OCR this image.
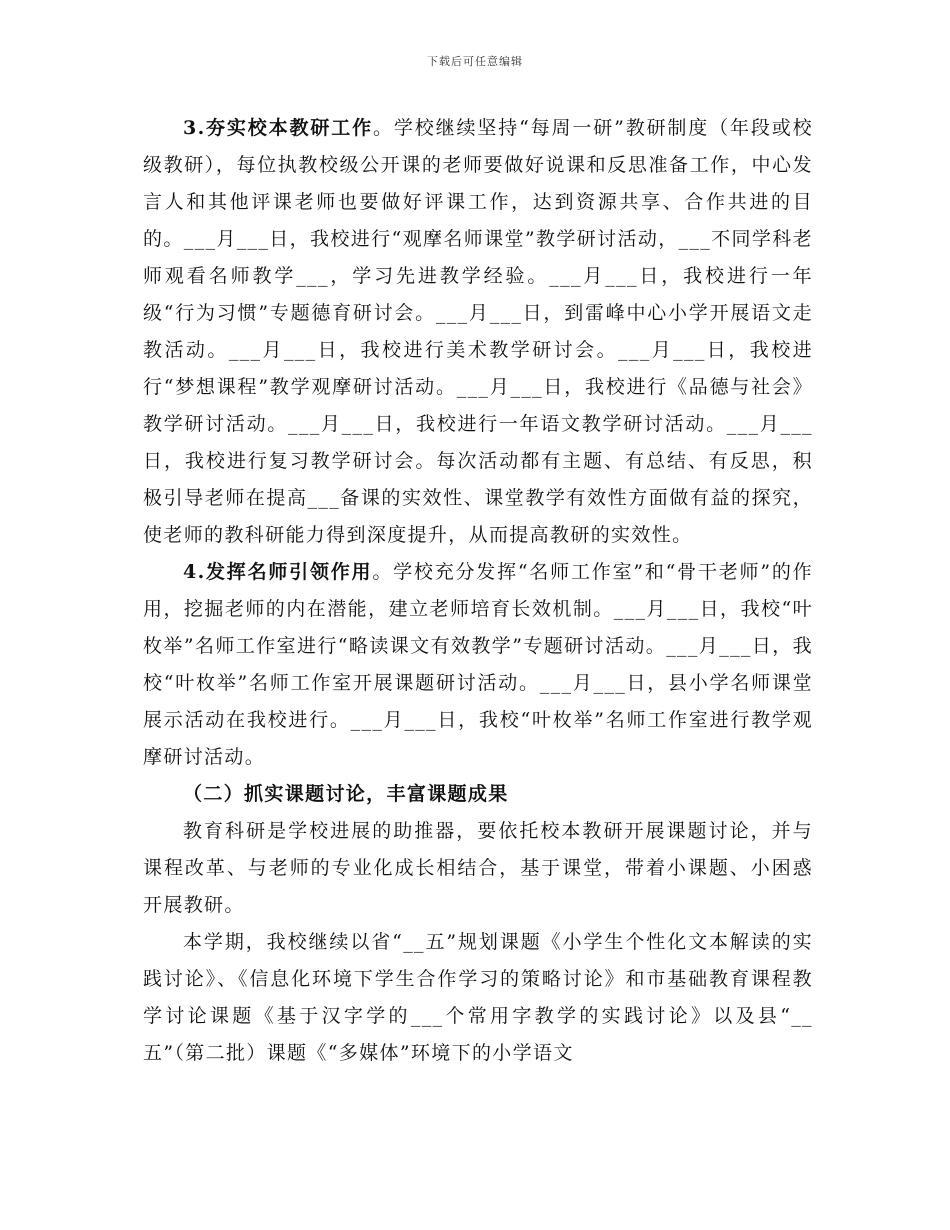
下载后可任意编辑

3.夯实校本教研工作。学校继续坚持“每周一研”教研制度（年段或校级教研），每位执教校级公开课的老师要做好说课和反思准备工作，中心发言人和其他评课老师也要做好评课工作，达到资源共享、合作共进的目的。___月___日，我校进行“观摩名师课堂”教学研讨活动，___不同学科老师观看名师教学___，学习先进教学经验。___月___日，我校进行一年级“行为习惯”专题德育研讨会。___月___日，到雷峰中心小学开展语文走教活动。___月___日，我校进行美术教学研讨会。___月___日，我校进行“梦想课程”教学观摩研讨活动。___月___日，我校进行《品德与社会》教学研讨活动。___月___日，我校进行一年语文教学研讨活动。___月___日，我校进行复习教学研讨会。每次活动都有主题、有总结、有反思，积极引导老师在提高___备课的实效性、课堂教学有效性方面做有益的探究，使老师的教科研能力得到深度提升，从而提高教研的实效性。

4.发挥名师引领作用。学校充分发挥“名师工作室”和“骨干老师”的作用，挖掘老师的内在潜能，建立老师培育长效机制。___月___日，我校“叶枚举”名师工作室进行“略读课文有效教学”专题研讨活动。___月___日，我校“叶枚举”名师工作室开展课题研讨活动。___月___日，县小学名师课堂展示活动在我校进行。___月___日，我校“叶枚举”名师工作室进行教学观摩研讨活动。

（二）抓实课题讨论，丰富课题成果

教育科研是学校进展的助推器，要依托校本教研开展课题讨论，并与课程改革、与老师的专业化成长相结合，基于课堂，带着小课题、小困惑开展教研。

本学期，我校继续以省“__五”规划课题《小学生个性化文本解读的实践讨论》、《信息化环境下学生合作学习的策略讨论》和市基础教育课程教学讨论课题《基于汉字学的___个常用字教学的实践讨论》以及县“__五”（第二批）课题《“多媒体”环境下的小学语文
